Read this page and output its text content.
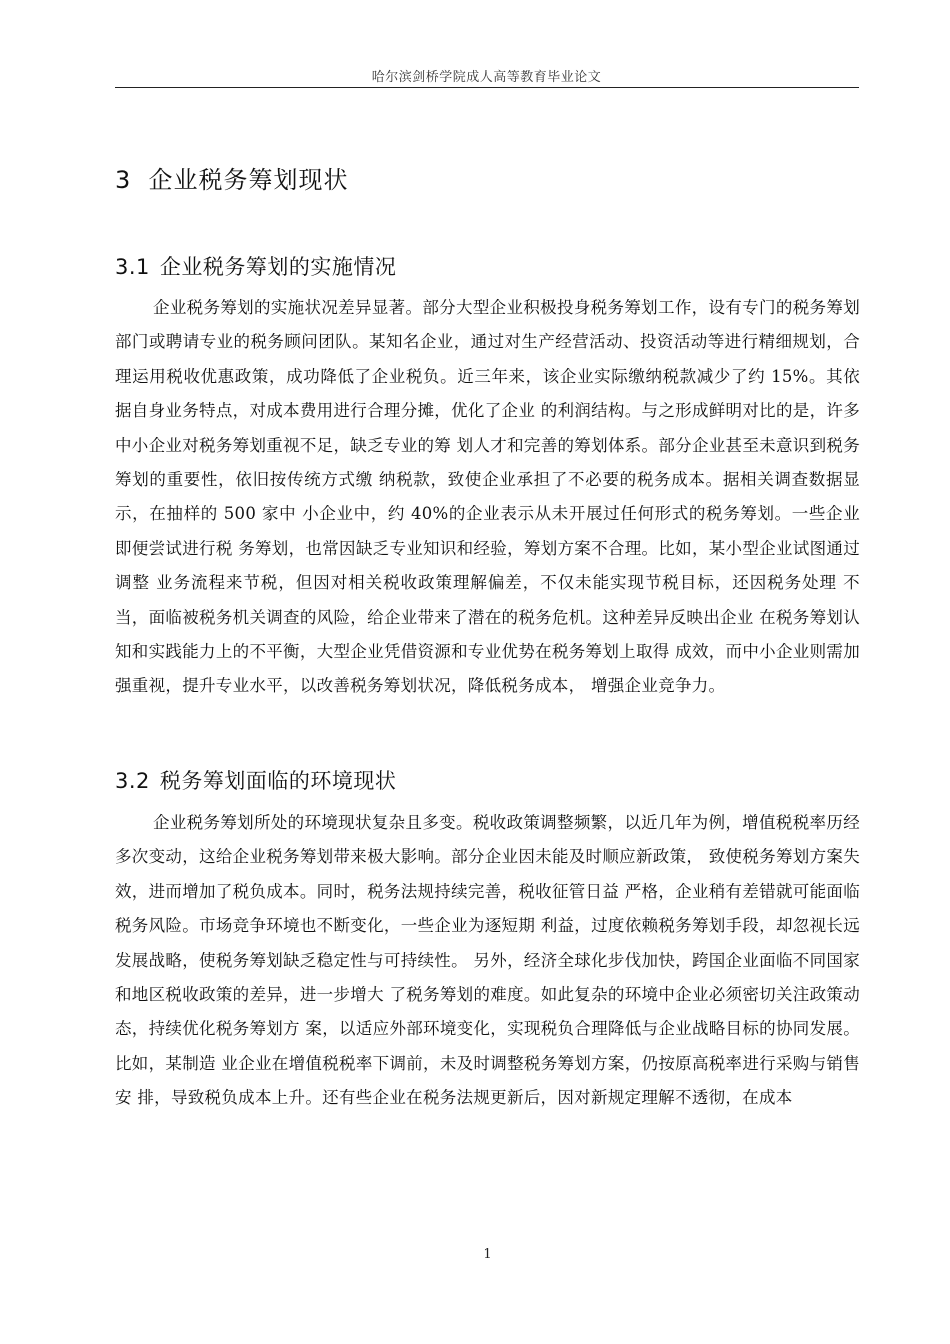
哈尔滨剑桥学院成人高等教育毕业论文
3 企业税务筹划现状
3.1 企业税务筹划的实施情况

企业税务筹划的实施状况差异显著。部分大型企业积极投身税务筹划工作，设有专门的税务筹划部门或聘请专业的税务顾问团队。某知名企业，通过对生产经营活动、投资活动等进行精细规划，合理运用税收优惠政策，成功降低了企业税负。近三年来，该企业实际缴纳税款减少了约 15%。其依据自身业务特点，对成本费用进行合理分摊，优化了企业 的利润结构。与之形成鲜明对比的是，许多中小企业对税务筹划重视不足，缺乏专业的筹 划人才和完善的筹划体系。部分企业甚至未意识到税务筹划的重要性，依旧按传统方式缴 纳税款，致使企业承担了不必要的税务成本。据相关调查数据显示，在抽样的 500 家中 小企业中，约 40%的企业表示从未开展过任何形式的税务筹划。一些企业即便尝试进行税 务筹划，也常因缺乏专业知识和经验，筹划方案不合理。比如，某小型企业试图通过调整 业务流程来节税，但因对相关税收政策理解偏差，不仅未能实现节税目标，还因税务处理 不当，面临被税务机关调查的风险，给企业带来了潜在的税务危机。这种差异反映出企业 在税务筹划认知和实践能力上的不平衡，大型企业凭借资源和专业优势在税务筹划上取得 成效，而中小企业则需加强重视，提升专业水平，以改善税务筹划状况，降低税务成本， 增强企业竞争力。

3.2 税务筹划面临的环境现状

企业税务筹划所处的环境现状复杂且多变。税收政策调整频繁，以近几年为例，增值税税率历经多次变动，这给企业税务筹划带来极大影响。部分企业因未能及时顺应新政策， 致使税务筹划方案失效，进而增加了税负成本。同时，税务法规持续完善，税收征管日益 严格，企业稍有差错就可能面临税务风险。市场竞争环境也不断变化，一些企业为逐短期 利益，过度依赖税务筹划手段，却忽视长远发展战略，使税务筹划缺乏稳定性与可持续性。 另外，经济全球化步伐加快，跨国企业面临不同国家和地区税收政策的差异，进一步增大 了税务筹划的难度。如此复杂的环境中企业必须密切关注政策动态，持续优化税务筹划方 案，以适应外部环境变化，实现税负合理降低与企业战略目标的协同发展。比如，某制造 业企业在增值税税率下调前，未及时调整税务筹划方案，仍按原高税率进行采购与销售安 排，导致税负成本上升。还有些企业在税务法规更新后，因对新规定理解不透彻，在成本

1
